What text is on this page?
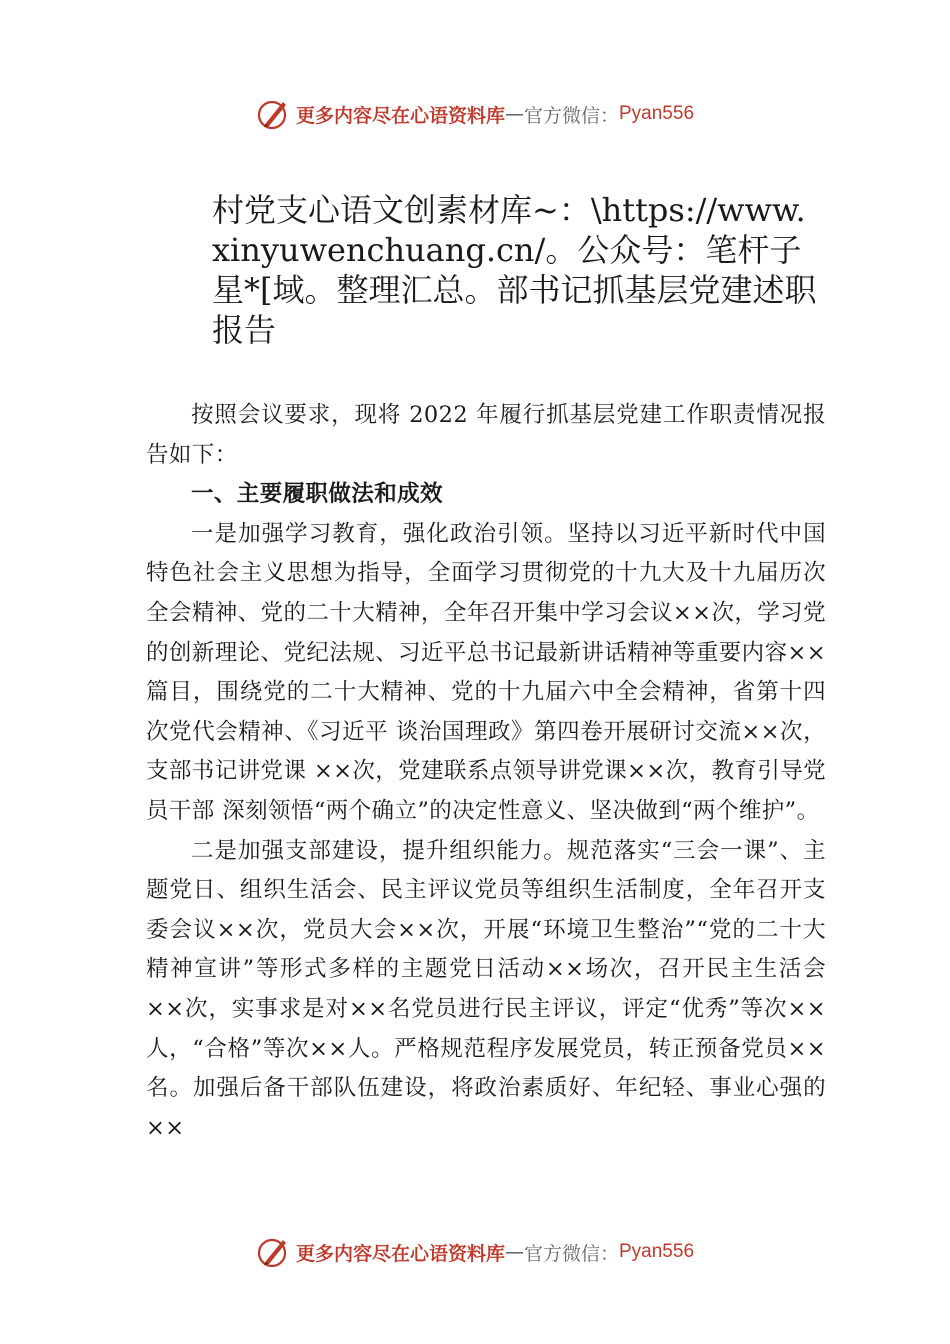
更多内容尽在心语资料库 — 官方微信： Pyan556
村党支心语文创素材库~：\https://www.xinyuwenchuang.cn/。公众号：笔杆子星*[域。整理汇总。部书记抓基层党建述职报告

按照会议要求，现将 2022 年履行抓基层党建工作职责情况报告如下：

一、主要履职做法和成效

一是加强学习教育，强化政治引领。坚持以习近平新时代中国特色社会主义思想为指导，全面学习贯彻党的十九大及十九届历次全会精神、党的二十大精神，全年召开集中学习会议××次，学习党的创新理论、党纪法规、习近平总书记最新讲话精神等重要内容××篇目，围绕党的二十大精神、党的十九届六中全会精神，省第十四次党代会精神、《习近平 谈治国理政》第四卷开展研讨交流××次，支部书记讲党课 ××次，党建联系点领导讲党课××次，教育引导党员干部 深刻领悟“两个确立”的决定性意义、坚决做到“两个维护”。

二是加强支部建设，提升组织能力。规范落实“三会一课”、主题党日、组织生活会、民主评议党员等组织生活制度，全年召开支委会议××次，党员大会××次，开展“环境卫生整治”“党的二十大精神宣讲”等形式多样的主题党日活动××场次，召开民主生活会××次，实事求是对××名党员进行民主评议，评定“优秀”等次××人，“合格”等次××人。严格规范程序发展党员，转正预备党员××名。加强后备干部队伍建设，将政治素质好、年纪轻、事业心强的××

更多内容尽在心语资料库 — 官方微信： Pyan556
